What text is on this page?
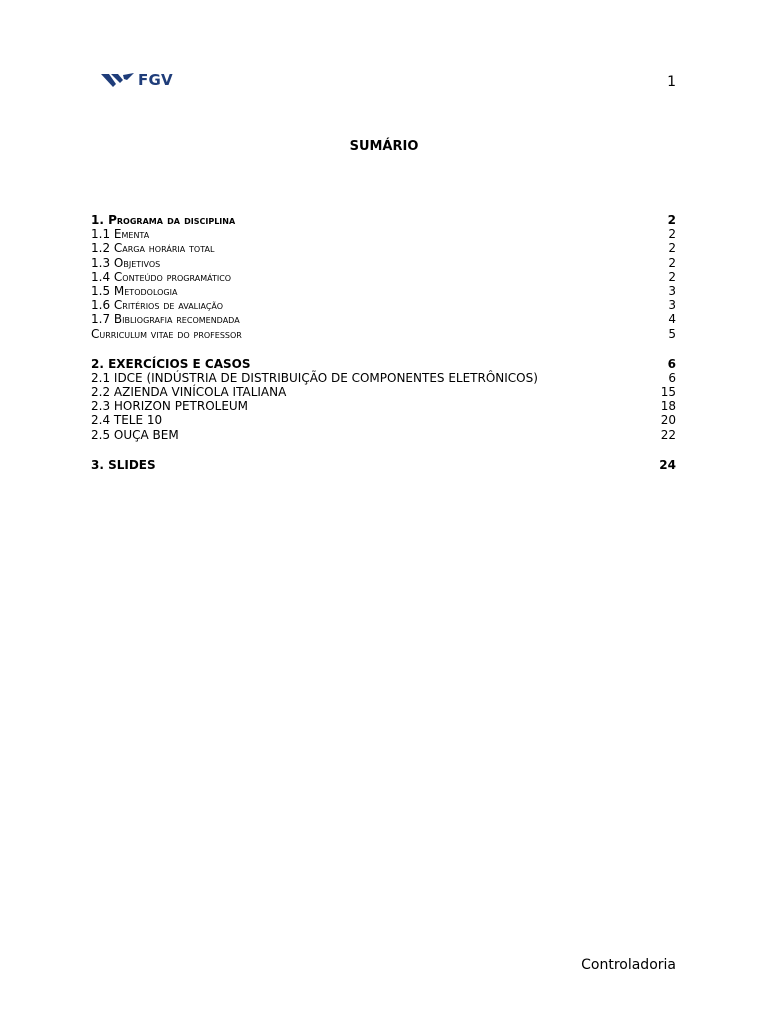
FGV	1
SUMÁRIO
1. Programa da disciplina	2
1.1 Ementa	2
1.2 Carga horária total	2
1.3 Objetivos	2
1.4 Conteúdo programático	2
1.5 Metodologia	3
1.6 Critérios de avaliação	3
1.7 Bibliografia recomendada	4
Curriculum vitae do professor	5
2. EXERCÍCIOS E CASOS	6
2.1 IDCE (INDÚSTRIA DE DISTRIBUIÇÃO DE COMPONENTES ELETRÔNICOS)	6
2.2 AZIENDA VINÍCOLA ITALIANA	15
2.3 HORIZON PETROLEUM	18
2.4 TELE 10	20
2.5 OUÇA BEM	22
3. SLIDES	24
Controladoria
